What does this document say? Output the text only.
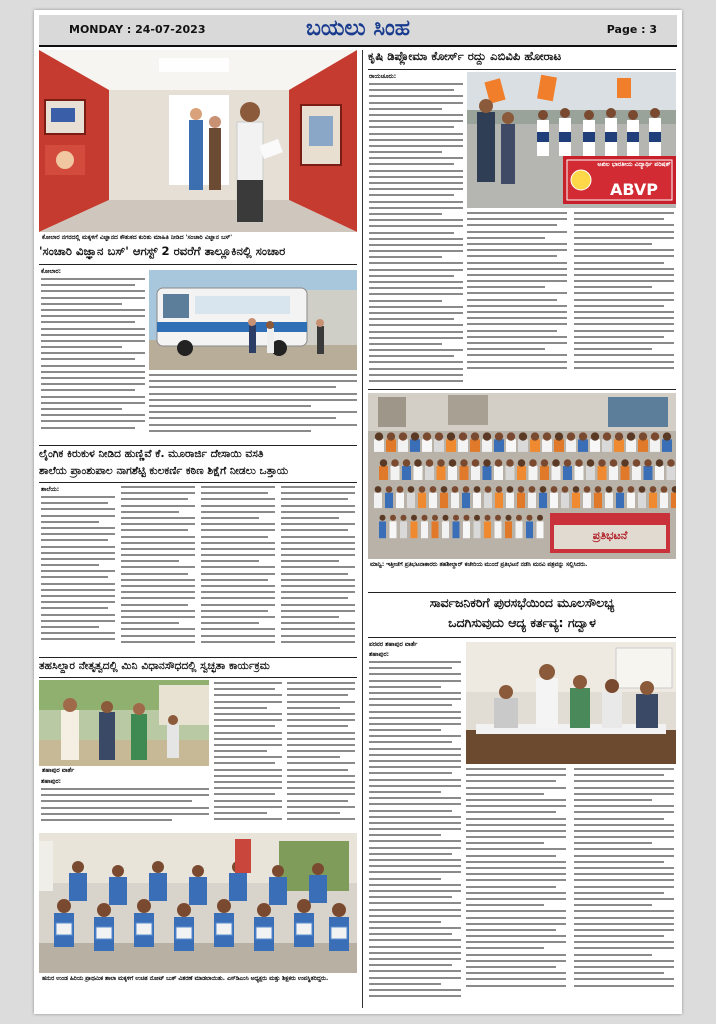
MONDAY : 24-07-2023	ಬಯಲು ಸಿಂಹ	Page : 3
ಕೋಲಾರ ನಗರದಲ್ಲಿ ಮಕ್ಕಳಿಗೆ ವಿಜ್ಞಾನದ ಕೌತುಕದ ಕುರಿತು ಮಾಹಿತಿ ನೀಡಿದ 'ಸಂಚಾರಿ ವಿಜ್ಞಾನ ಬಸ್'
'ಸಂಚಾರಿ ವಿಜ್ಞಾನ ಬಸ್' ಆಗಸ್ಟ್ 2 ರವರೆಗೆ ತಾಲ್ಲೂಕಿನಲ್ಲಿ ಸಂಚಾರ
ಕೋಲಾರ:
ಲೈಂಗಿಕ ಕಿರುಕುಳ ನೀಡಿದ ಹುಣ್ಣಿವೆ ಕೆ. ಮೂರಾರ್ಜಿ ದೇಸಾಯಿ ವಸತಿ
ಶಾಲೆಯ ಪ್ರಾಂಶುಪಾಲ ನಾಗಶೆಟ್ಟಿ ಕುಲಕರ್ಣಿ ಕಠಿಣ ಶಿಕ್ಷೆಗೆ ನೀಡಲು ಒತ್ತಾಯ
ಶಾಲೆಯ:
ತಹಸಿಲ್ದಾರ ನೇತೃತ್ವದಲ್ಲಿ ಮಿನಿ ವಿಧಾನಸೌಧದಲ್ಲಿ ಸ್ವಚ್ಛತಾ ಕಾರ್ಯಕ್ರಮ
ಶಹಾಪುರ ವಾರ್ತೆ
ಶಹಾಪುರ:
ಹನುರ ಉಂಡ ಹಿರಿಯ ಪ್ರಾಥಮಿಕ ಶಾಲಾ ಮಕ್ಕಳಿಗೆ ಉಚಿತ ನೋಟ್ ಬುಕ್ ವಿತರಣೆ ಮಾಡಲಾಯಿತು. ಎಸ್‌ಡಿಎಂಸಿ ಅಧ್ಯಕ್ಷರು ಮತ್ತು ಶಿಕ್ಷಕರು ಉಪಸ್ಥಿತರಿದ್ದರು.
ಕೃಷಿ ಡಿಪ್ಲೋಮಾ ಕೋರ್ಸ್ ರದ್ದು ಎಬಿವಿಪಿ ಹೋರಾಟ
ರಾಯಚೂರು:
ಅಖಿಲ ಭಾರತೀಯ ವಿದ್ಯಾರ್ಥಿ ಪರಿಷತ್
ABVP
ಪ್ರತಿಭಟನೆ
ಮಾನ್ವಿ: ಇತ್ತೀಚೆಗೆ ಪ್ರತಿಭಟನಾಕಾರರು ತಹಶೀಲ್ದಾರ್ ಕಚೇರಿಯ ಮುಂದೆ ಪ್ರತಿಭಟನೆ ನಡೆಸಿ ಮನವಿ ಪತ್ರವನ್ನು ಸಲ್ಲಿಸಿದರು.
ಸಾರ್ವಜನಿಕರಿಗೆ ಪುರಸಭೆಯಿಂದ ಮೂಲಸೌಲಭ್ಯ
ಒದಗಿಸುವುದು ಆದ್ಯ ಕರ್ತವ್ಯ: ಗದ್ವಾಳ
ಪರವರ ಶಹಾಪುರ ವಾರ್ತೆ
ಶಹಾಪುರ:
